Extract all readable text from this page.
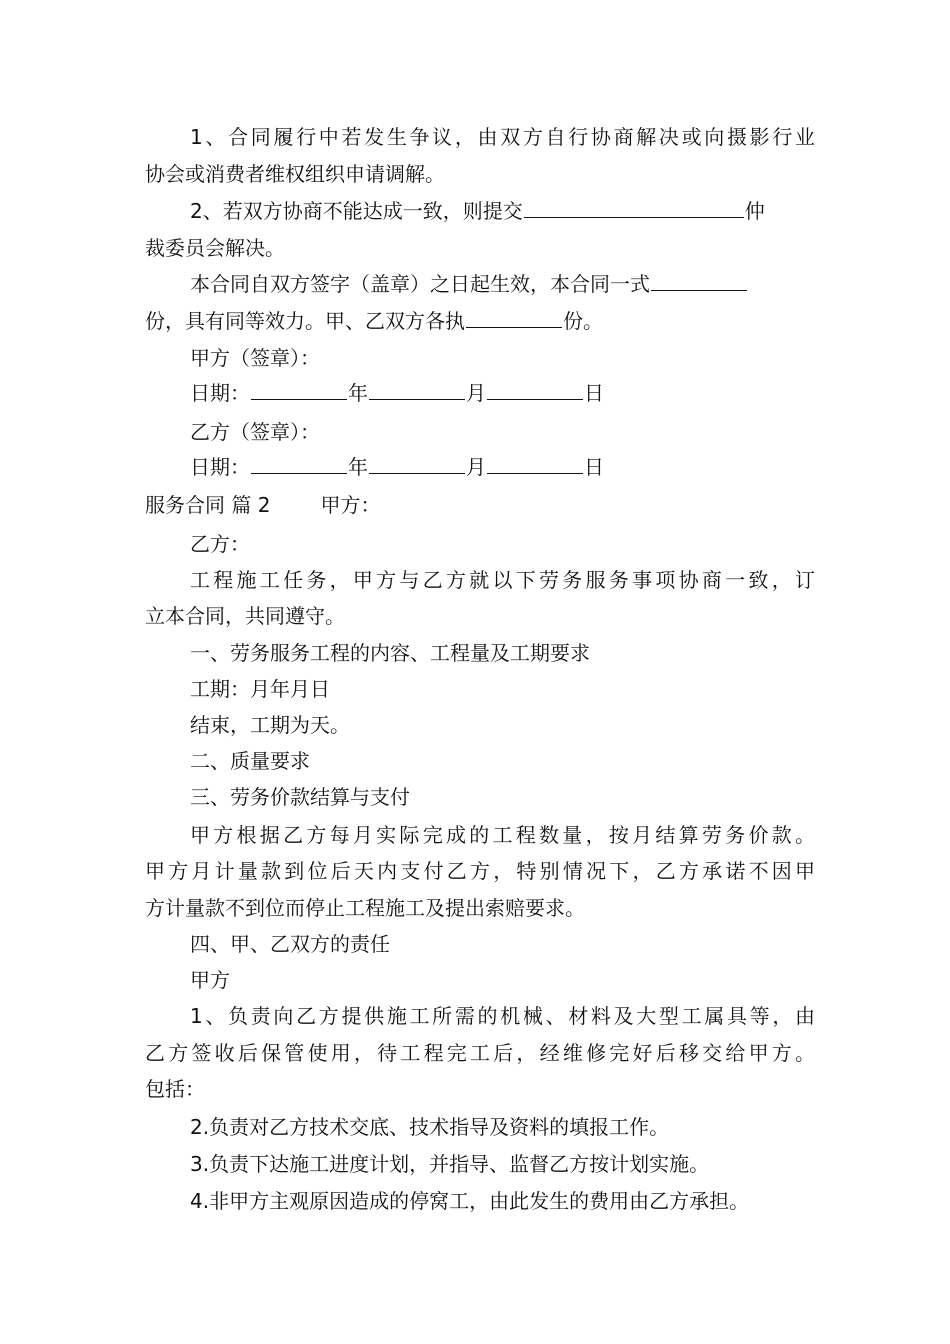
1、合同履行中若发生争议，由双方自行协商解决或向摄影行业
协会或消费者维权组织申请调解。
2、若双方协商不能达成一致，则提交	仲
裁委员会解决。
本合同自双方签字（盖章）之日起生效，本合同一式
份，具有同等效力。甲、乙双方各执	份。
甲方（签章）：
日期：	年	月	日
乙方（签章）：
日期：	年	月	日
服务合同 篇 2	甲方：
乙方：
工程施工任务，甲方与乙方就以下劳务服务事项协商一致，订
立本合同，共同遵守。
一、劳务服务工程的内容、工程量及工期要求
工期：月年月日
结束，工期为天。
二、质量要求
三、劳务价款结算与支付
甲方根据乙方每月实际完成的工程数量，按月结算劳务价款。
甲方月计量款到位后天内支付乙方，特别情况下，乙方承诺不因甲
方计量款不到位而停止工程施工及提出索赔要求。
四、甲、乙双方的责任
甲方
1、负责向乙方提供施工所需的机械、材料及大型工属具等，由
乙方签收后保管使用，待工程完工后，经维修完好后移交给甲方。
包括：
2.负责对乙方技术交底、技术指导及资料的填报工作。
3.负责下达施工进度计划，并指导、监督乙方按计划实施。
4.非甲方主观原因造成的停窝工，由此发生的费用由乙方承担。
